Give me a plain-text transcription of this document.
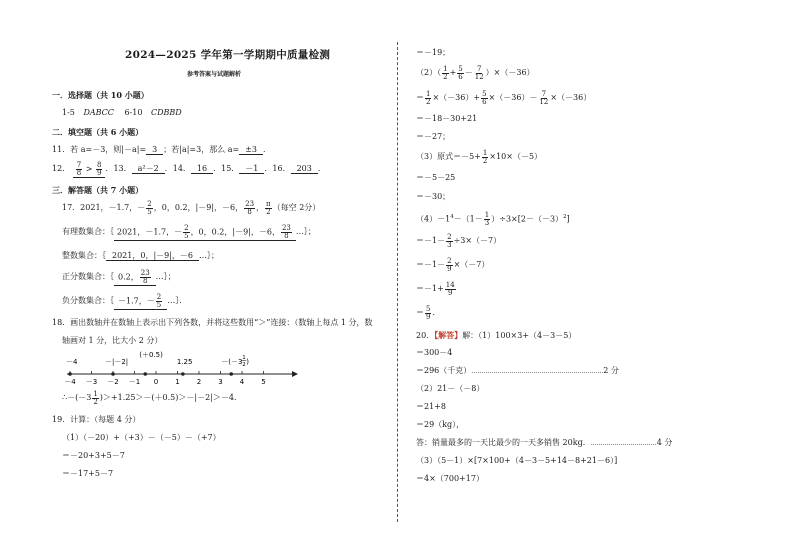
2024—2025 学年第一学期期中质量检测
参考答案与试题解析
一．选择题（共 10 小题）
1-5 DABCC 6-10 CDBBD
二．填空题（共 6 小题）
11．若 a=－3，则|－a|= 3 ；若|a|=3，那么 a= ±3 ．
12． $\frac{7}{8} > \frac{8}{9}$ ．13． a²－2 ．14． 16 ．15． －1 ．16． 203 ．
三．解答题（共 7 小题）
17．2021，－1.7，－ $\frac{2}{5}$ ，0，0.2，|－9|，－6， $\frac{23}{8}$ ， $\frac{\pi}{2}$ （每空 2分）
有理数集合：｛ 2021，－1.7，－ $\frac{2}{5}$ ，0，0.2，|－9|，－6， $\frac{23}{8}$ …｝；
整数集合：｛ 2021，0，|－9|，－6 …｝；
正分数集合：｛ 0.2， $\frac{23}{8}$ …｝；
负分数集合：｛ －1.7，－ $\frac{2}{5}$ …｝．
18．画出数轴并在数轴上表示出下列各数，并将这些数用“＞”连接：（数轴上每点 1 分，数
轴画对 1 分，比大小 2 分）
－4 －3 －2 －1 0 1 2 3 4 5
－4	－|－2|
(＋0.5)
1.25	－(－3 1
2 )
∴－(－3 $\frac{1}{2} )>+1.25>-(+0.5)>-|-2|>-4$．
19．计算：（每题 4 分）
（1）（－20）+（+3）－（－5）－（+7）
＝－20+3+5－7
＝－17+5－7
＝－19；
$(2)( \frac{1}{2} + \frac{5}{6} - \frac{7}{12} )\times(-36)$
＝ $\frac{1}{2} \times(-36)+ \frac{5}{6} \times(-36)- \frac{7}{12} \times(-36)$
＝－18－30+21
＝－27；
（3）原式$=-5+ \frac{1}{2} \times 10\times(-5)$
＝－5－25
＝－30；
$(4)-1^4-(1- \frac{1}{3} )\div 3\times[2-(-3)^2]$
$=-1- \frac{2}{3} \div 3\times(-7)$
$=-1- \frac{2}{9} \times(-7)$
$=-1+ \frac{14}{9}$
＝ $\frac{5}{9}$ ．
20．【解答】解：（1）100×3+（4－3－5）
＝300－4
＝296（千克）…………………………………………………………2 分
（2）21－（－8）
＝21+8
＝29（kg），
答：销量最多的一天比最少的一天多销售 20kg．……………………………4 分
（3）（5－1）×[7×100+（4－3－5+14－8+21－6）]
＝4×（700+17）
